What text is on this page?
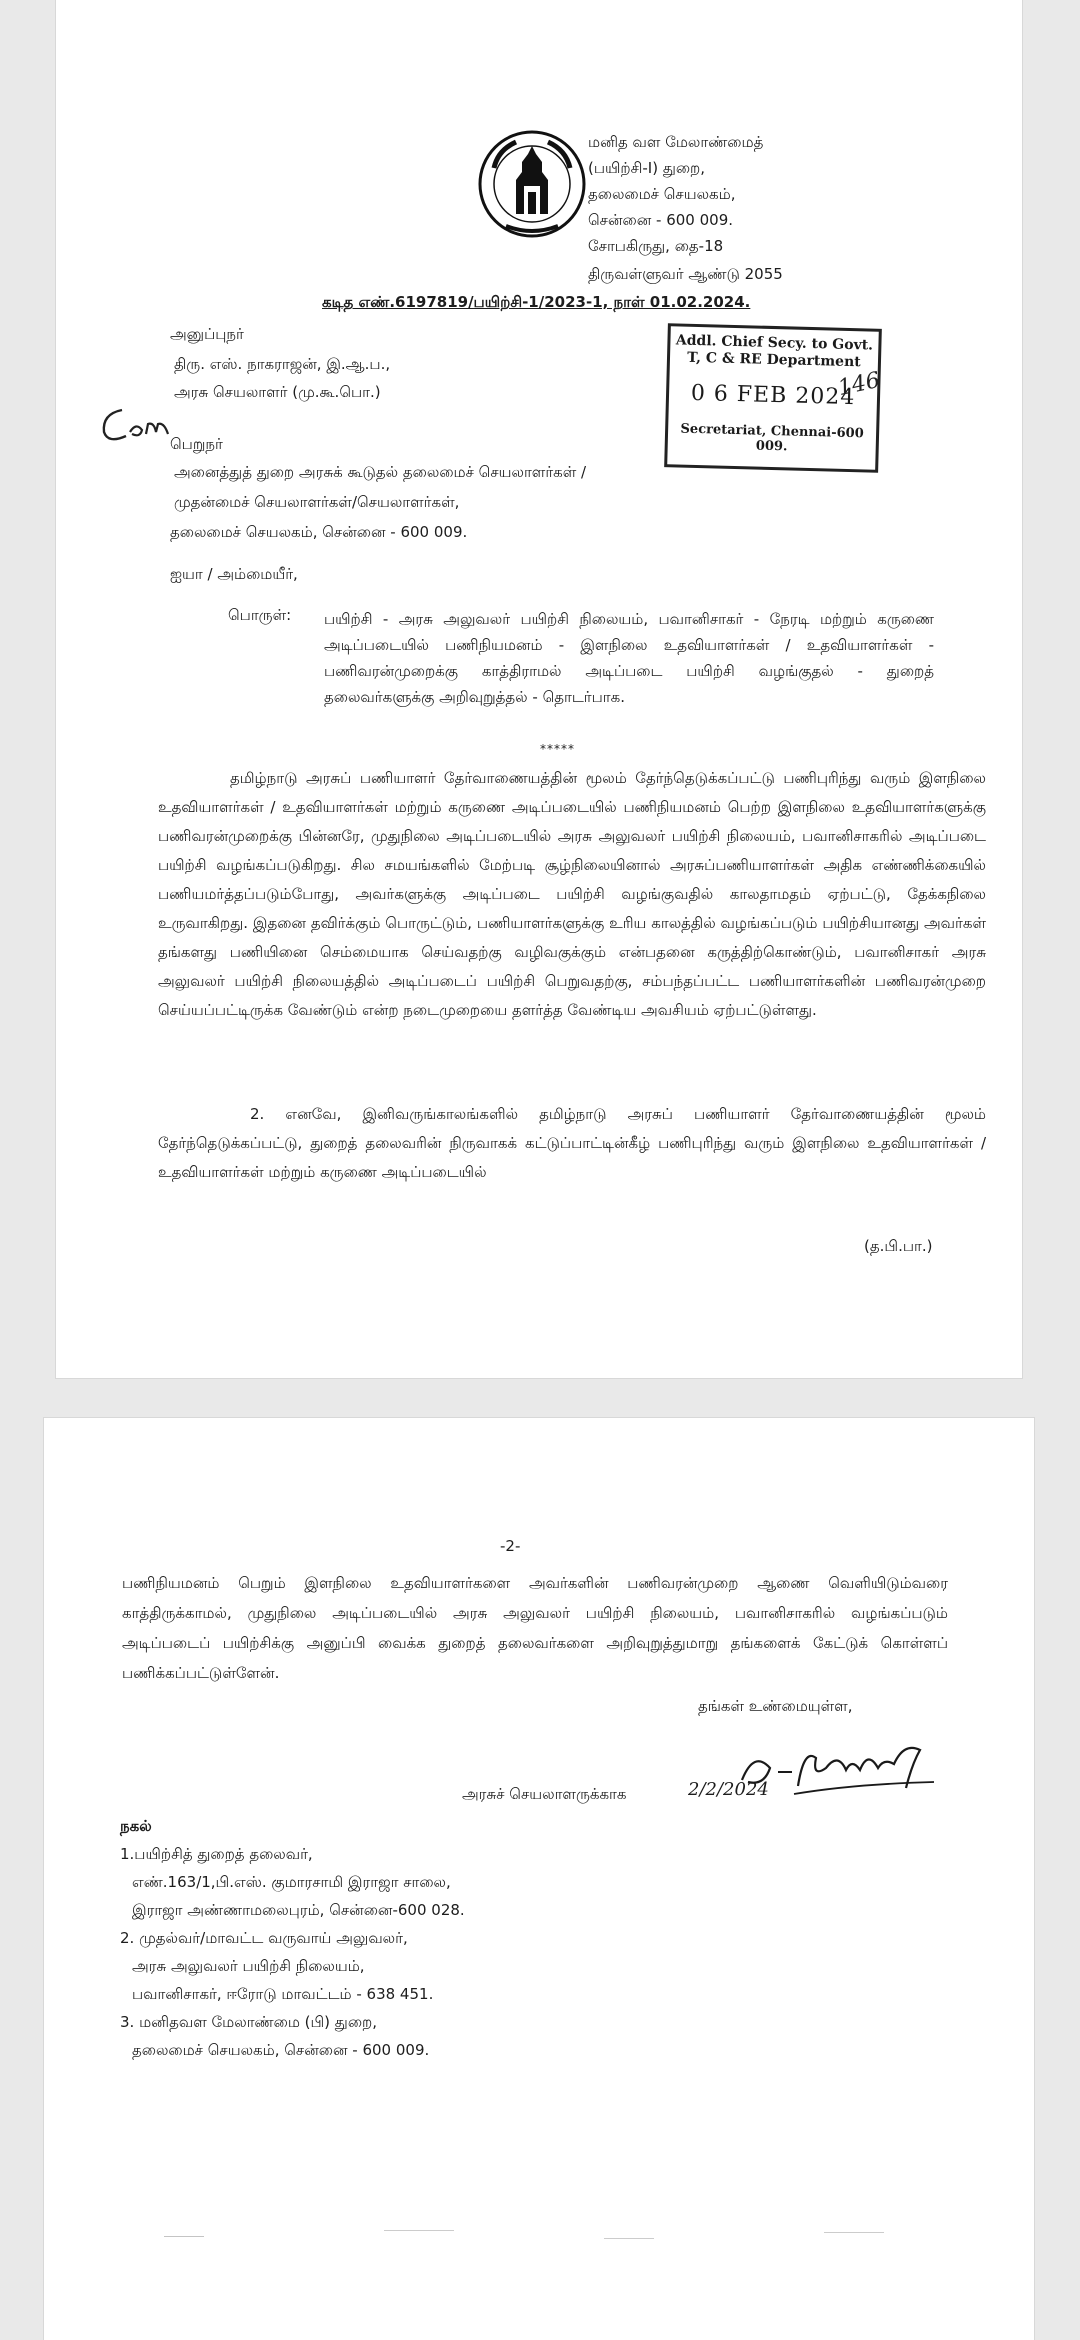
மனித வள மேலாண்மைத்
(பயிற்சி-I) துறை,
தலைமைச் செயலகம்,
சென்னை - 600 009.
சோபகிருது, தை-18
திருவள்ளுவர் ஆண்டு 2055
கடித எண்.6197819/பயிற்சி-1/2023-1, நாள் 01.02.2024.
அனுப்புநர்
திரு. எஸ். நாகராஜன், இ.ஆ.ப.,
அரசு செயலாளர் (மு.கூ.பொ.)
Addl. Chief Secy. to Govt.
T, C & RE Department
0 6 FEB 2024
Secretariat, Chennai-600 009.
146
பெறுநர்
அனைத்துத் துறை அரசுக் கூடுதல் தலைமைச் செயலாளர்கள் /
முதன்மைச் செயலாளர்கள்/செயலாளர்கள்,
தலைமைச் செயலகம், சென்னை - 600 009.
ஐயா / அம்மையீர்,
பொருள்: பயிற்சி - அரசு அலுவலர் பயிற்சி நிலையம், பவானிசாகர் - நேரடி மற்றும் கருணை அடிப்படையில் பணிநியமனம் - இளநிலை உதவியாளர்கள் / உதவியாளர்கள் - பணிவரன்முறைக்கு காத்திராமல் அடிப்படை பயிற்சி வழங்குதல் - துறைத் தலைவர்களுக்கு அறிவுறுத்தல் - தொடர்பாக.
*****
தமிழ்நாடு அரசுப் பணியாளர் தேர்வாணையத்தின் மூலம் தேர்ந்தெடுக்கப்பட்டு பணிபுரிந்து வரும் இளநிலை உதவியாளர்கள் / உதவியாளர்கள் மற்றும் கருணை அடிப்படையில் பணிநியமனம் பெற்ற இளநிலை உதவியாளர்களுக்கு பணிவரன்முறைக்கு பின்னரே, முதுநிலை அடிப்படையில் அரசு அலுவலர் பயிற்சி நிலையம், பவானிசாகரில் அடிப்படை பயிற்சி வழங்கப்படுகிறது. சில சமயங்களில் மேற்படி சூழ்நிலையினால் அரசுப்பணியாளர்கள் அதிக எண்ணிக்கையில் பணியமர்த்தப்படும்போது, அவர்களுக்கு அடிப்படை பயிற்சி வழங்குவதில் காலதாமதம் ஏற்பட்டு, தேக்கநிலை உருவாகிறது. இதனை தவிர்க்கும் பொருட்டும், பணியாளர்களுக்கு உரிய காலத்தில் வழங்கப்படும் பயிற்சியானது அவர்கள் தங்களது பணியினை செம்மையாக செய்வதற்கு வழிவகுக்கும் என்பதனை கருத்திற்கொண்டும், பவானிசாகர் அரசு அலுவலர் பயிற்சி நிலையத்தில் அடிப்படைப் பயிற்சி பெறுவதற்கு, சம்பந்தப்பட்ட பணியாளர்களின் பணிவரன்முறை செய்யப்பட்டிருக்க வேண்டும் என்ற நடைமுறையை தளர்த்த வேண்டிய அவசியம் ஏற்பட்டுள்ளது.
2. எனவே, இனிவருங்காலங்களில் தமிழ்நாடு அரசுப் பணியாளர் தேர்வாணையத்தின் மூலம் தேர்ந்தெடுக்கப்பட்டு, துறைத் தலைவரின் நிருவாகக் கட்டுப்பாட்டின்கீழ் பணிபுரிந்து வரும் இளநிலை உதவியாளர்கள் / உதவியாளர்கள் மற்றும் கருணை அடிப்படையில்
(த.பி.பா.)
-2-
பணிநியமனம் பெறும் இளநிலை உதவியாளர்களை அவர்களின் பணிவரன்முறை ஆணை வெளியிடும்வரை காத்திருக்காமல், முதுநிலை அடிப்படையில் அரசு அலுவலர் பயிற்சி நிலையம், பவானிசாகரில் வழங்கப்படும் அடிப்படைப் பயிற்சிக்கு அனுப்பி வைக்க துறைத் தலைவர்களை அறிவுறுத்துமாறு தங்களைக் கேட்டுக் கொள்ளப் பணிக்கப்பட்டுள்ளேன்.
தங்கள் உண்மையுள்ள,
2/2/2024
அரசுச் செயலாளருக்காக
நகல்
1.பயிற்சித் துறைத் தலைவர்,
எண்.163/1,பி.எஸ். குமாரசாமி இராஜா சாலை,
இராஜா அண்ணாமலைபுரம், சென்னை-600 028.
2. முதல்வர்/மாவட்ட வருவாய் அலுவலர்,
அரசு அலுவலர் பயிற்சி நிலையம்,
பவானிசாகர், ஈரோடு மாவட்டம் - 638 451.
3. மனிதவள மேலாண்மை (பி) துறை,
தலைமைச் செயலகம், சென்னை - 600 009.
